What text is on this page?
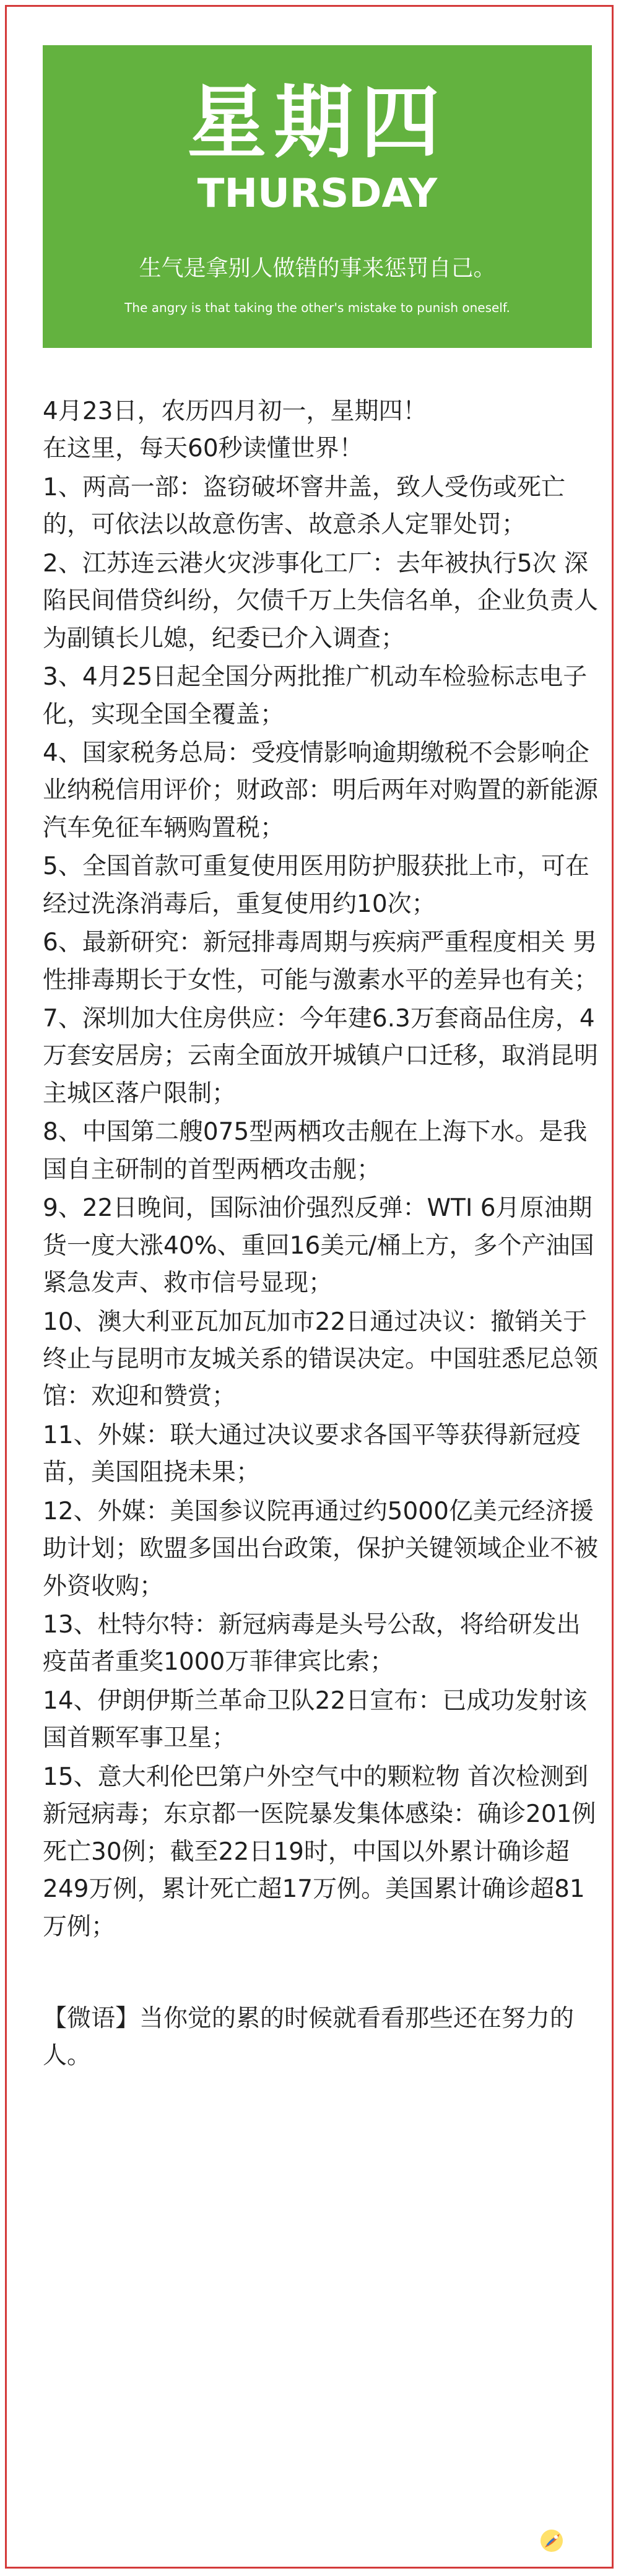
星期四
THURSDAY
生气是拿别人做错的事来惩罚自己。
The angry is that taking the other's mistake to punish oneself.

4月23日，农历四月初一，星期四！

在这里，每天60秒读懂世界！

1、两高一部：盗窃破坏窨井盖，致人受伤或死亡的，可依法以故意伤害、故意杀人定罪处罚；

2、江苏连云港火灾涉事化工厂：去年被执行5次 深陷民间借贷纠纷，欠债千万上失信名单，企业负责人为副镇长儿媳，纪委已介入调查；

3、4月25日起全国分两批推广机动车检验标志电子化，实现全国全覆盖；

4、国家税务总局：受疫情影响逾期缴税不会影响企业纳税信用评价；财政部：明后两年对购置的新能源汽车免征车辆购置税；

5、全国首款可重复使用医用防护服获批上市，可在经过洗涤消毒后，重复使用约10次；

6、最新研究：新冠排毒周期与疾病严重程度相关 男性排毒期长于女性，可能与激素水平的差异也有关；

7、深圳加大住房供应：今年建6.3万套商品住房，4万套安居房；云南全面放开城镇户口迁移，取消昆明主城区落户限制；

8、中国第二艘075型两栖攻击舰在上海下水。是我国自主研制的首型两栖攻击舰；

9、22日晚间，国际油价强烈反弹：WTI 6月原油期货一度大涨40%、重回16美元/桶上方，多个产油国紧急发声、救市信号显现；

10、澳大利亚瓦加瓦加市22日通过决议：撤销关于终止与昆明市友城关系的错误决定。中国驻悉尼总领馆：欢迎和赞赏；

11、外媒：联大通过决议要求各国平等获得新冠疫苗，美国阻挠未果；

12、外媒：美国参议院再通过约5000亿美元经济援助计划；欧盟多国出台政策，保护关键领域企业不被外资收购；

13、杜特尔特：新冠病毒是头号公敌，将给研发出疫苗者重奖1000万菲律宾比索；

14、伊朗伊斯兰革命卫队22日宣布：已成功发射该国首颗军事卫星；

15、意大利伦巴第户外空气中的颗粒物 首次检测到新冠病毒；东京都一医院暴发集体感染：确诊201例 死亡30例；截至22日19时，中国以外累计确诊超249万例，累计死亡超17万例。美国累计确诊超81万例；

【微语】当你觉的累的时候就看看那些还在努力的人。
